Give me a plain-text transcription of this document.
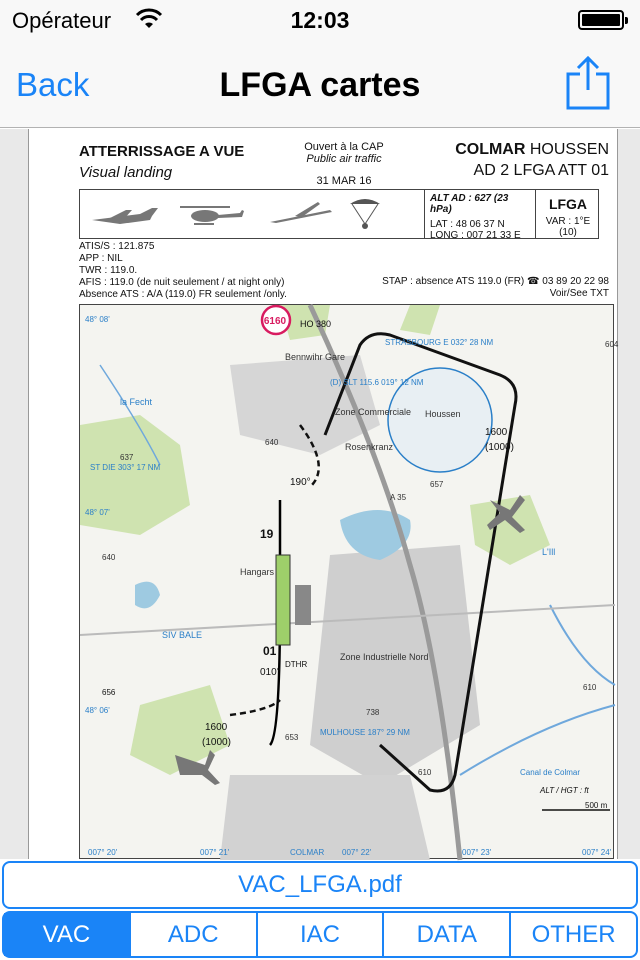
Opérateur	12:03
Back	LFGA cartes
ATTERRISSAGE A VUE
Visual landing
Ouvert à la CAP
Public air traffic
31 MAR 16
COLMAR HOUSSEN
AD 2 LFGA ATT 01
ALT AD : 627 (23 hPa)
LAT : 48 06 37 N
LONG : 007 21 33 E
LFGA
VAR : 1°E (10)
ATIS/S : 121.875
APP : NIL
TWR : 119.0.
AFIS : 119.0 (de nuit seulement / at night only)
Absence ATS : A/A (119.0) FR seulement /only.
STAP : absence ATS 119.0 (FR) ☎ 03 89 20 22 98
Voir/See TXT
6160 HO 380
Bennwihr Gare
Houssen
Rosenkranz
Zone Commerciale
Zone Industrielle Nord
Hangars
SIV BALE
Canal de Colmar
L'Ill
la Fecht
ST DIE 303° 17 NM
STRASBOURG E 032° 28 NM
(D) SLT 115.6 019° 12 NM
MULHOUSE 187° 29 NM
1600
(1000)
1600
(1000)
A 35
DTHR
19
01
190°
010°
657
604
637
640
640
656
653
610
610
738
48° 08'
48° 07'
48° 06'
007° 20'	007° 21'	007° 22'	007° 23'	007° 24'
COLMAR
ALT / HGT : ft
500 m
VAC_LFGA.pdf
VAC	ADC	IAC	DATA	OTHER
